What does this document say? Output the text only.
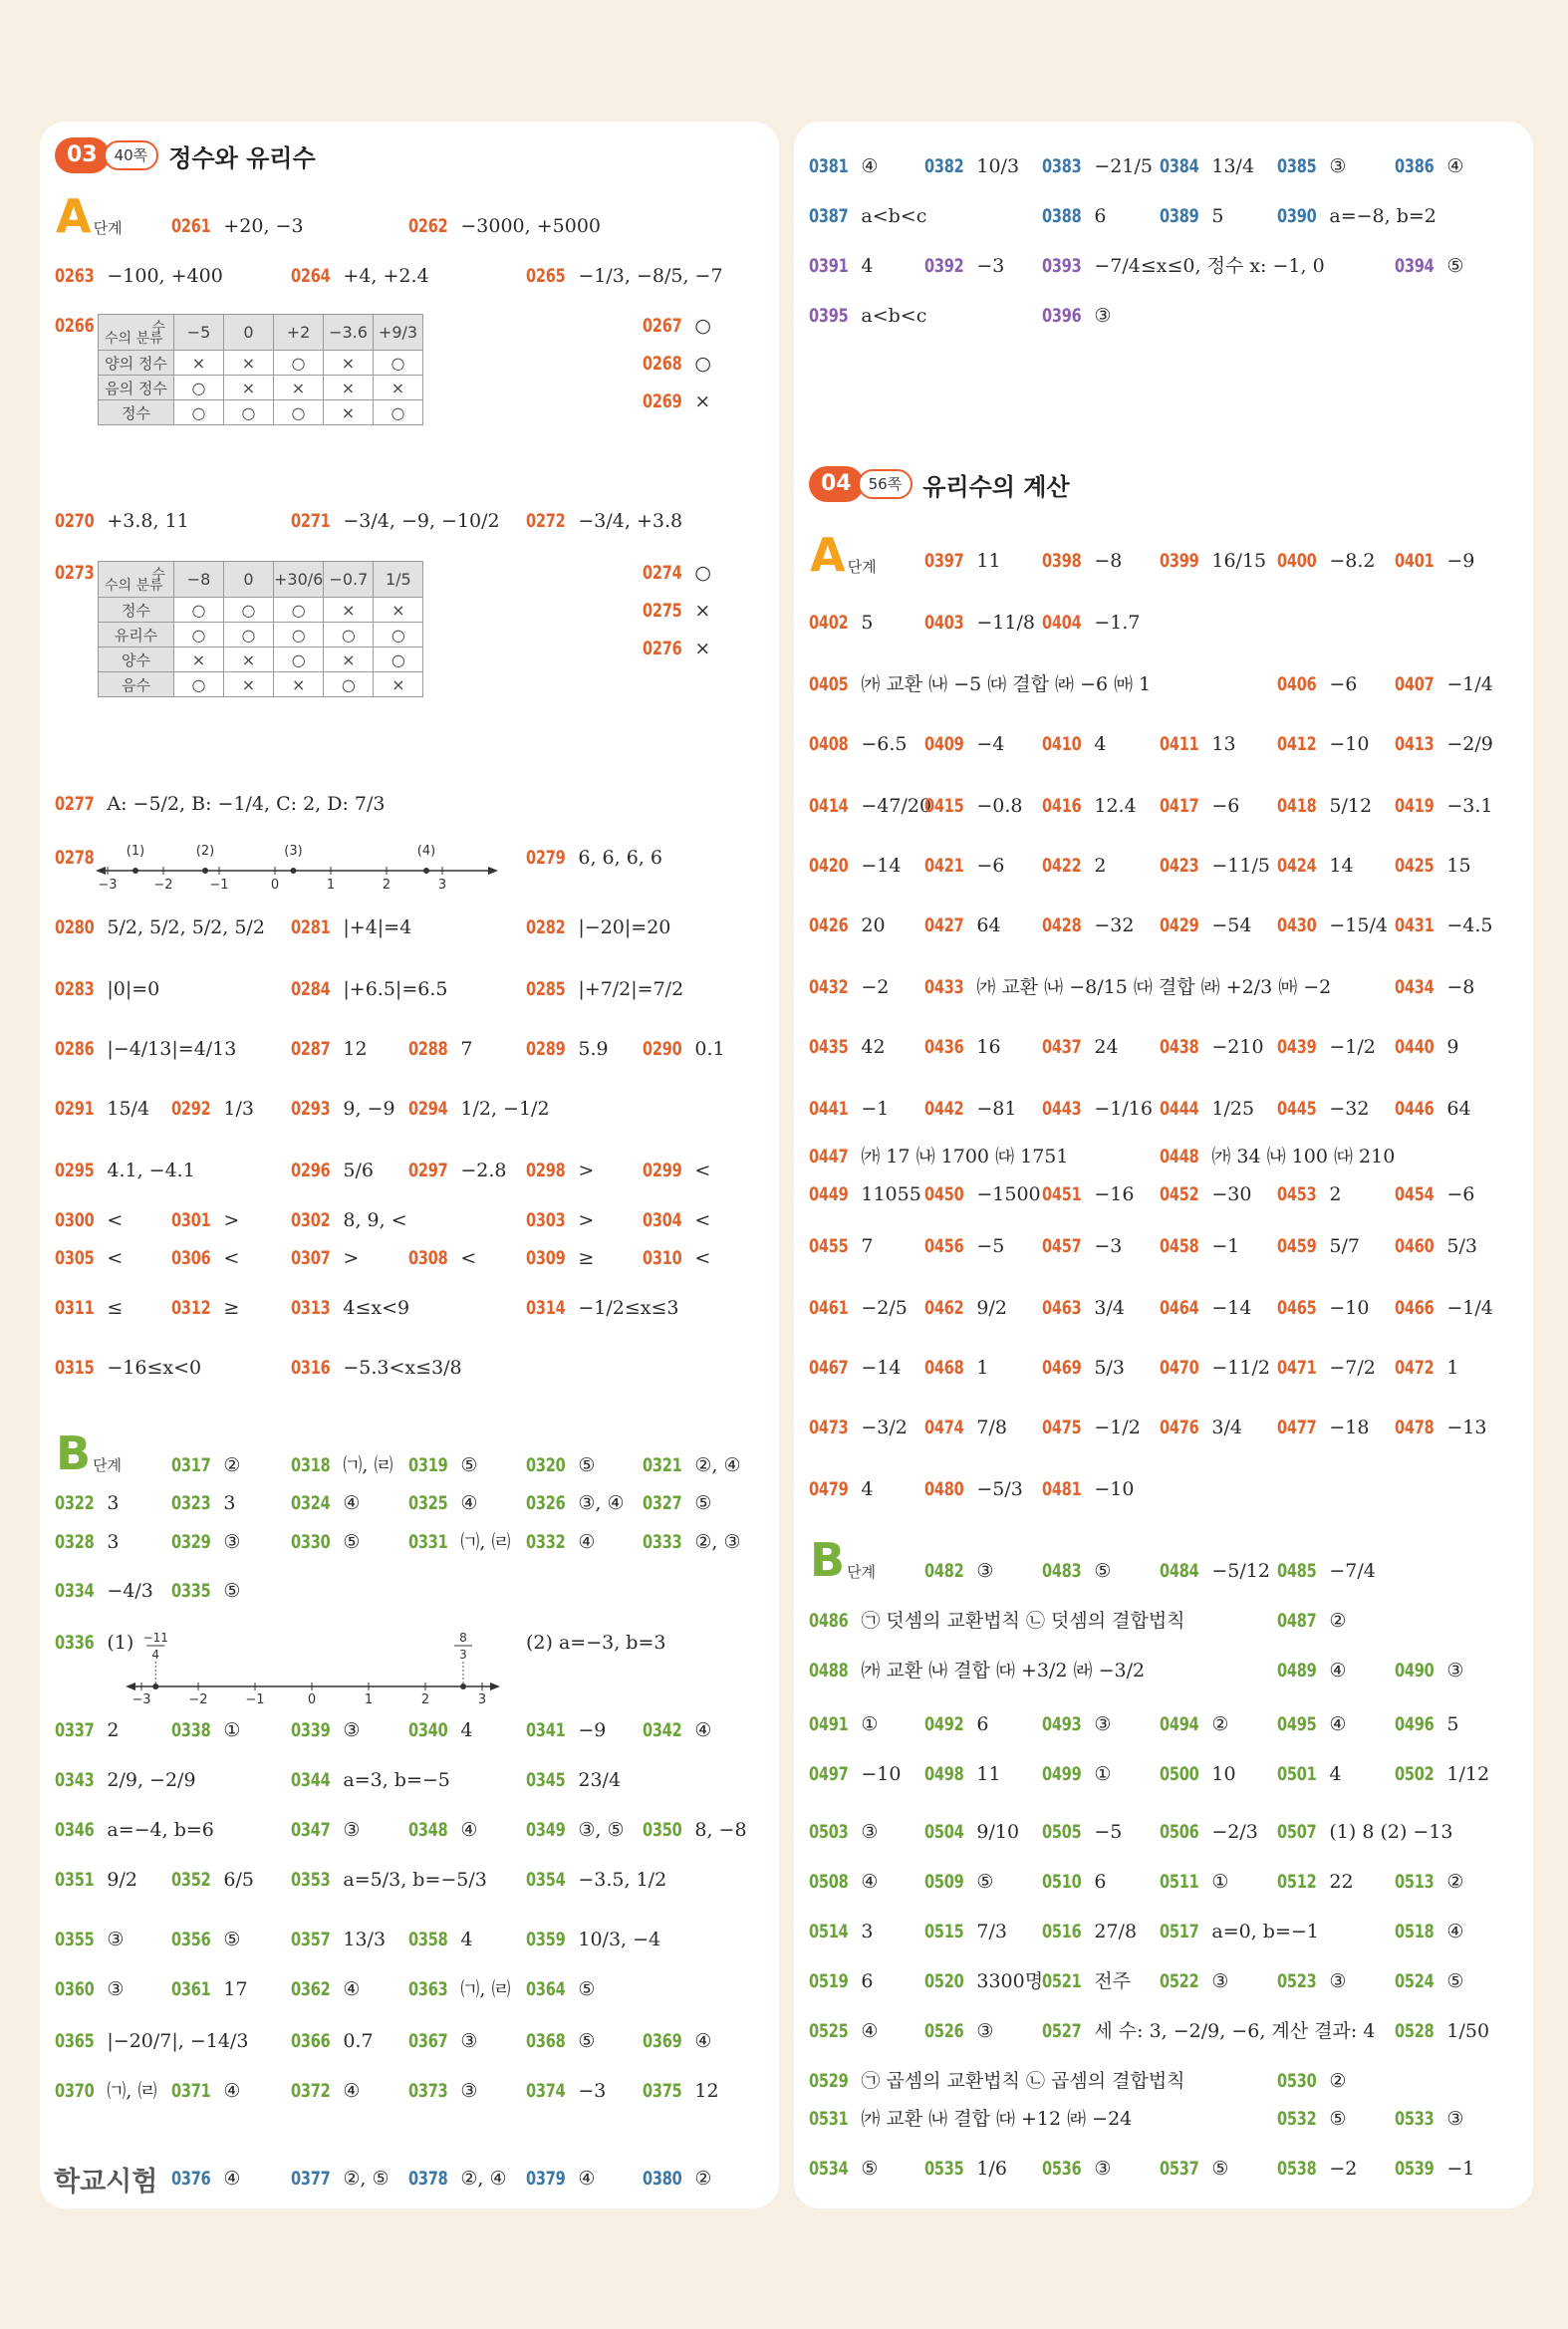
03	40쪽 정수와 유리수
A 단계
B 단계
학교시험
04	56쪽 유리수의 계산
A 단계
B 단계
수
수의 분류	−5	0	+2	−3.6	+9/3
양의 정수	×	×	○	×	○
음의 정수	○	×	×	×	×
정수	○	○	○	×	○
수
수의 분류	−8	0	+30/6	−0.7	1/5
정수	○	○	○	×	×
유리수	○	○	○	○	○
양수	×	×	○	×	○
음수	○	×	×	○	×
−3	−2	−1	0	1	2	3
(1)	(2)	(3)	(4)
−3	−2	−1	0	1	2	3
−11
4
8
3
0261 +20, −3	0262 −3000, +5000
0263 −100, +400	0264 +4, +2.4	0265 −1/3, −8/5, −7
0266	0267 ○
0268 ○
0269 ×
0270 +3.8, 11	0271 −3/4, −9, −10/2 0272 −3/4, +3.8
0273	0274 ○
0275 ×
0276 ×
0277 A: −5/2, B: −1/4, C: 2, D: 7/3
0278	0279 6, 6, 6, 6
0280 5/2, 5/2, 5/2, 5/2 0281 |+4|=4	0282 |−20|=20
0283 |0|=0	0284 |+6.5|=6.5	0285 |+7/2|=7/2
0286 |−4/13|=4/13	0287 12 0288 7	0289 5.9 0290 0.1
0291 15/4 0292 1/3 0293 9, −9 0294 1/2, −1/2
0295 4.1, −4.1	0296 5/6 0297 −2.8 0298 >	0299 <
0300 <	0301 >	0302 8, 9, <	0303 >	0304 <
0305 <	0306 <	0307 >	0308 <	0309 ≥	0310 <
0311 ≤	0312 ≥	0313 4≤x<9	0314 −1/2≤x≤3
0315 −16≤x<0	0316 −5.3<x≤3/8
0317 ②	0318 ㈀, ㈃ 0319 ⑤	0320 ⑤	0321 ②, ④
0322 3	0323 3	0324 ④	0325 ④	0326 ③, ④ 0327 ⑤
0328 3	0329 ③	0330 ⑤	0331 ㈀, ㈃ 0332 ④	0333 ②, ③
0334 −4/3 0335 ⑤
0336 (1)	(2) a=−3, b=3
0337 2	0338 ①	0339 ③	0340 4	0341 −9 0342 ④
0343 2/9, −2/9	0344 a=3, b=−5	0345 23/4
0346 a=−4, b=6	0347 ③	0348 ④	0349 ③, ⑤ 0350 8, −8
0351 9/2 0352 6/5 0353 a=5/3, b=−5/3 0354 −3.5, 1/2
0355 ③	0356 ⑤	0357 13/3 0358 4	0359 10/3, −4
0360 ③	0361 17 0362 ④	0363 ㈀, ㈃ 0364 ⑤
0365 |−20/7|, −14/3 0366 0.7 0367 ③	0368 ⑤	0369 ④
0370 ㈀, ㈃ 0371 ④	0372 ④	0373 ③	0374 −3 0375 12
0376 ④	0377 ②, ⑤ 0378 ②, ④ 0379 ④	0380 ②
0381 ④ 0382 10/3 0383 −21/5 0384 13/4 0385 ③	0386 ④
0387 a<b<c	0388 6	0389 5	0390 a=−8, b=2
0391 4	0392 −3 0393 −7/4≤x≤0, 정수 x: −1, 0	0394 ⑤
0395 a<b<c	0396 ③
0397 11 0398 −8 0399 16/15 0400 −8.2 0401 −9
0402 5	0403 −11/8 0404 −1.7
0405 ㈎ 교환 ㈏ −5 ㈐ 결합 ㈑ −6 ㈒ 1	0406 −6 0407 −1/4
0408 −6.5 0409 −4 0410 4	0411 13 0412 −10 0413 −2/9
0414 −47/20
0415 −0.8 0416 12.4 0417 −6 0418 5/12 0419 −3.1
0420 −14 0421 −6 0422 2	0423 −11/5 0424 14 0425 15
0426 20 0427 64 0428 −32 0429 −54 0430 −15/4 0431 −4.5
0432 −2 0433 ㈎ 교환 ㈏ −8/15 ㈐ 결합 ㈑ +2/3 ㈒ −2	0434 −8
0435 42 0436 16 0437 24 0438 −210 0439 −1/2 0440 9
0441 −1 0442 −81 0443 −1/16 0444 1/25 0445 −32 0446 64
0447 ㈎ 17 ㈏ 1700 ㈐ 1751	0448 ㈎ 34 ㈏ 100 ㈐ 210
0449 11055 0450 −1500 0451 −16 0452 −30 0453 2	0454 −6
0455 7	0456 −5 0457 −3 0458 −1 0459 5/7 0460 5/3
0461 −2/5 0462 9/2 0463 3/4 0464 −14 0465 −10 0466 −1/4
0467 −14 0468 1	0469 5/3 0470 −11/2 0471 −7/2 0472 1
0473 −3/2 0474 7/8 0475 −1/2 0476 3/4 0477 −18 0478 −13
0479 4	0480 −5/3 0481 −10
0482 ③	0483 ⑤	0484 −5/12 0485 −7/4
0486 ㉠ 덧셈의 교환법칙 ㉡ 덧셈의 결합법칙	0487 ②
0488 ㈎ 교환 ㈏ 결합 ㈐ +3/2 ㈑ −3/2	0489 ④	0490 ③
0491 ① 0492 6	0493 ③	0494 ②	0495 ④	0496 5
0497 −10 0498 11 0499 ①	0500 10 0501 4	0502 1/12
0503 ③ 0504 9/10 0505 −5 0506 −2/3 0507 (1) 8 (2) −13
0508 ④ 0509 ⑤	0510 6	0511 ①	0512 22 0513 ②
0514 3	0515 7/3 0516 27/8 0517 a=0, b=−1	0518 ④
0519 6	0520 3300명
0521 전주 0522 ③	0523 ③	0524 ⑤
0525 ④ 0526 ③	0527 세 수: 3, −2/9, −6, 계산 결과: 4 0528 1/50
0529 ㉠ 곱셈의 교환법칙 ㉡ 곱셈의 결합법칙	0530 ②
0531 ㈎ 교환 ㈏ 결합 ㈐ +12 ㈑ −24	0532 ⑤	0533 ③
0534 ⑤ 0535 1/6 0536 ③	0537 ⑤	0538 −2 0539 −1
